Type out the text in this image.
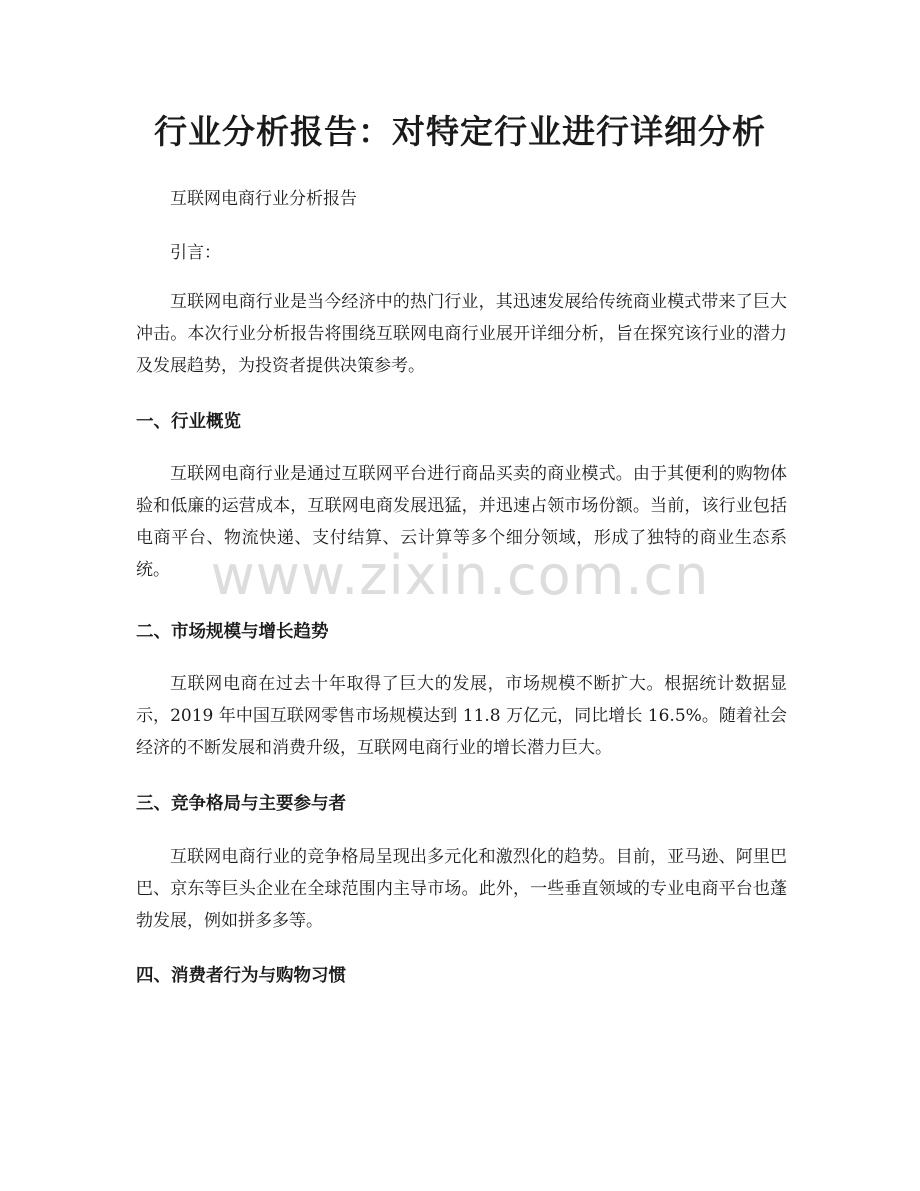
行业分析报告：对特定行业进行详细分析

互联网电商行业分析报告

引言：

互联网电商行业是当今经济中的热门行业，其迅速发展给传统商业模式带来了巨大冲击。本次行业分析报告将围绕互联网电商行业展开详细分析，旨在探究该行业的潜力及发展趋势，为投资者提供决策参考。

一、行业概览

互联网电商行业是通过互联网平台进行商品买卖的商业模式。由于其便利的购物体验和低廉的运营成本，互联网电商发展迅猛，并迅速占领市场份额。当前，该行业包括电商平台、物流快递、支付结算、云计算等多个细分领域，形成了独特的商业生态系统。

二、市场规模与增长趋势

互联网电商在过去十年取得了巨大的发展，市场规模不断扩大。根据统计数据显示，2019 年中国互联网零售市场规模达到 11.8 万亿元，同比增长 16.5%。随着社会经济的不断发展和消费升级，互联网电商行业的增长潜力巨大。

三、竞争格局与主要参与者

互联网电商行业的竞争格局呈现出多元化和激烈化的趋势。目前，亚马逊、阿里巴巴、京东等巨头企业在全球范围内主导市场。此外，一些垂直领域的专业电商平台也蓬勃发展，例如拼多多等。

四、消费者行为与购物习惯
www.zixin.com.cn
